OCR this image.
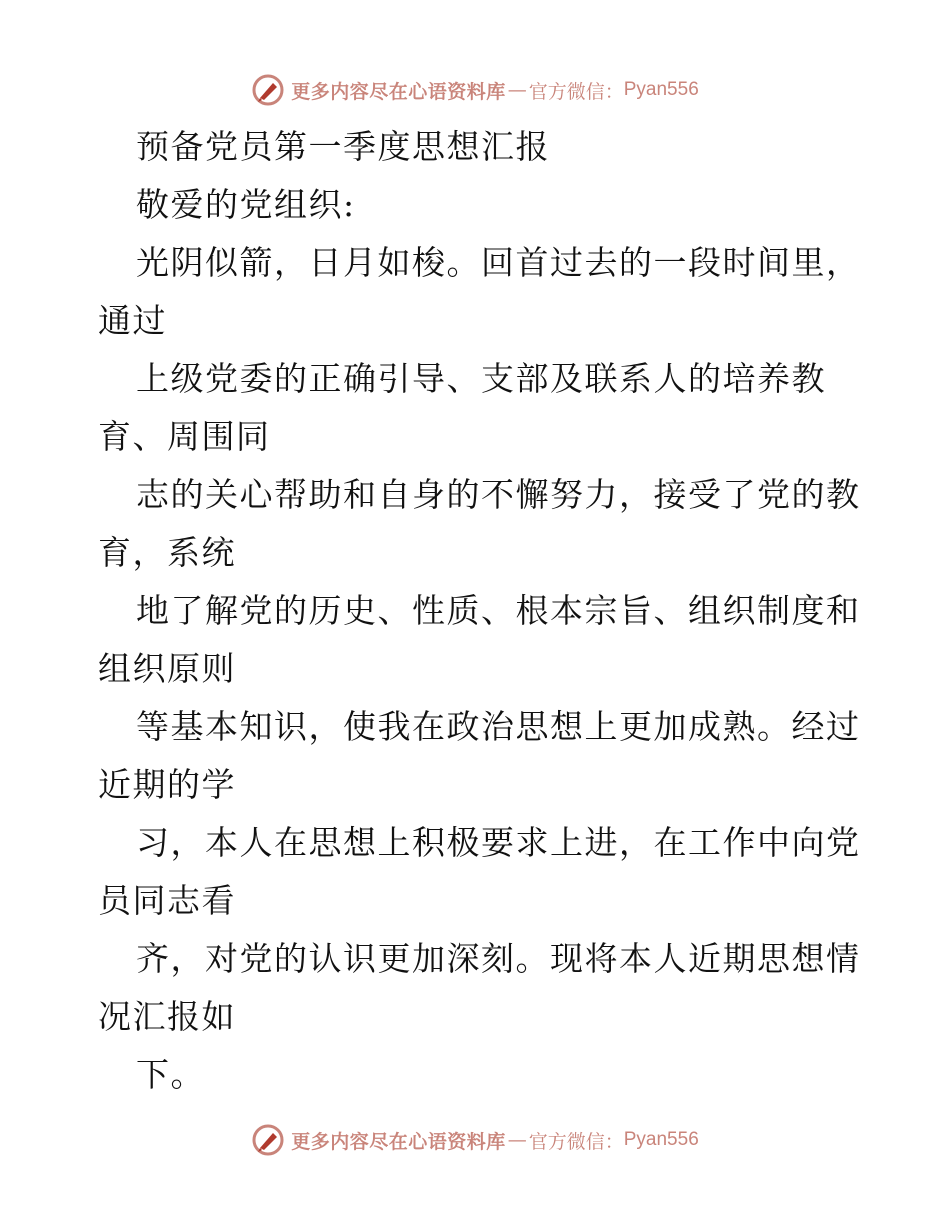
更多内容尽在心语资料库 — 官方微信： Pyan556
预备党员第一季度思想汇报
敬爱的党组织:
光阴似箭，日月如梭。回首过去的一段时间里，
通过
上级党委的正确引导、支部及联系人的培养教
育、周围同
志的关心帮助和自身的不懈努力，接受了党的教
育，系统
地了解党的历史、性质、根本宗旨、组织制度和
组织原则
等基本知识，使我在政治思想上更加成熟。经过
近期的学
习，本人在思想上积极要求上进，在工作中向党
员同志看
齐，对党的认识更加深刻。现将本人近期思想情
况汇报如
下。
更多内容尽在心语资料库 — 官方微信： Pyan556
